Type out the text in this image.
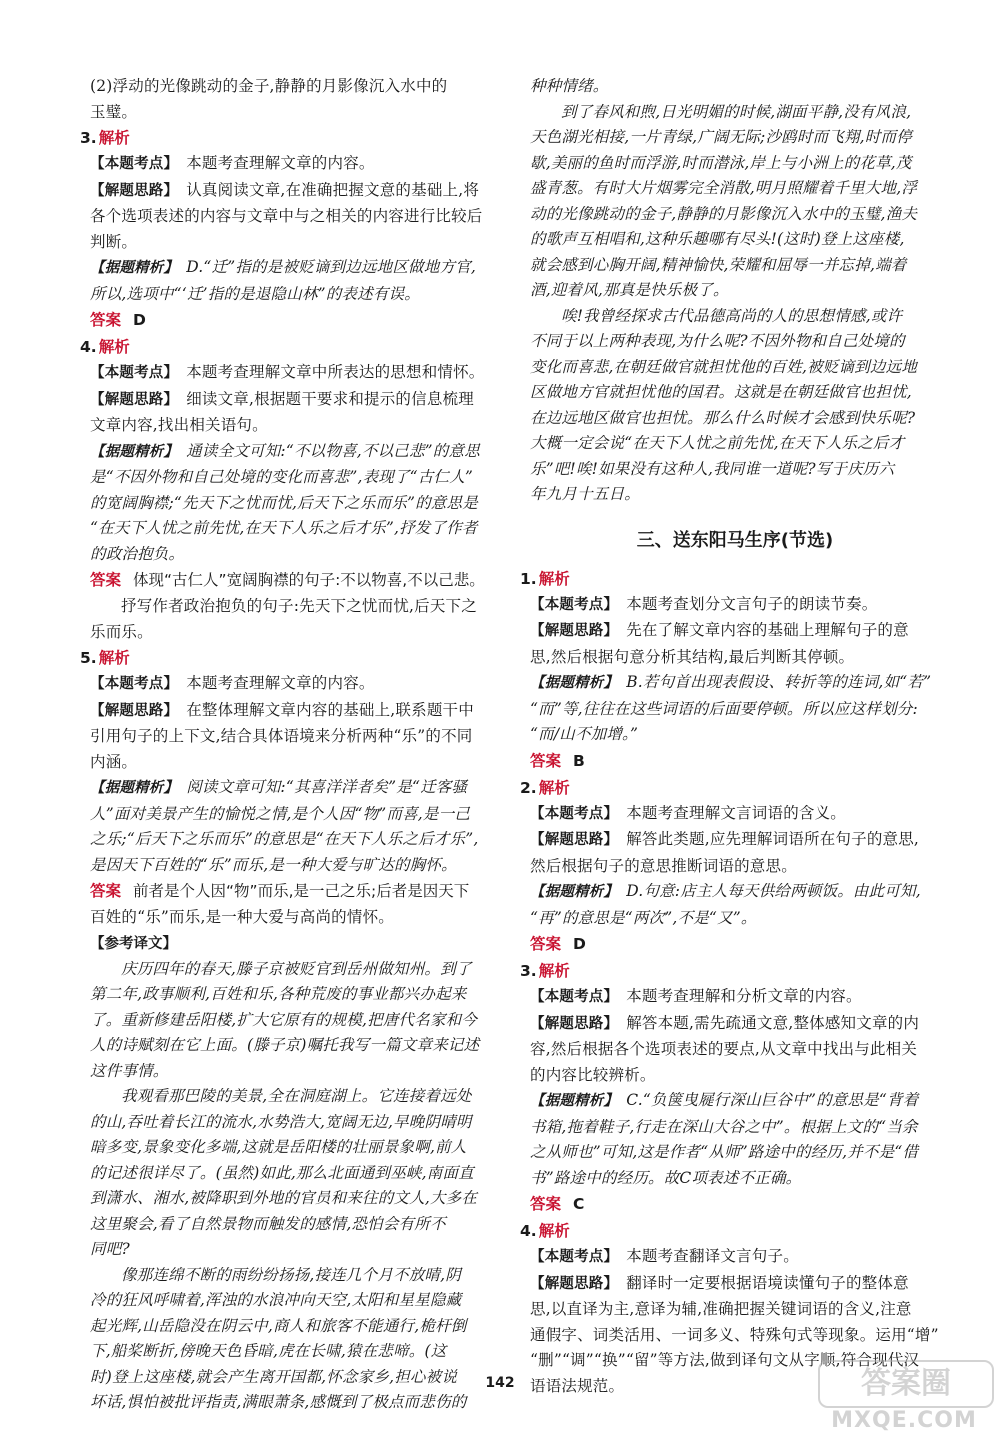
(2)浮动的光像跳动的金子,静静的月影像沉入水中的
玉璧。
3. 解析
【本题考点】 本题考查理解文章的内容。
【解题思路】 认真阅读文章,在准确把握文意的基础上,将
各个选项表述的内容与文章中与之相关的内容进行比较后
判断。
【据题精析】 D.“迁”指的是被贬谪到边远地区做地方官,
所以,选项中“‘迁’指的是退隐山林”的表述有误。
答案 D
4. 解析
【本题考点】 本题考查理解文章中所表达的思想和情怀。
【解题思路】 细读文章,根据题干要求和提示的信息梳理
文章内容,找出相关语句。
【据题精析】 通读全文可知:“不以物喜,不以己悲”的意思
是“不因外物和自己处境的变化而喜悲”,表现了“古仁人”
的宽阔胸襟;“先天下之忧而忧,后天下之乐而乐”的意思是
“在天下人忧之前先忧,在天下人乐之后才乐”,抒发了作者
的政治抱负。
答案 体现“古仁人”宽阔胸襟的句子:不以物喜,不以己悲。
抒写作者政治抱负的句子:先天下之忧而忧,后天下之
乐而乐。
5. 解析
【本题考点】 本题考查理解文章的内容。
【解题思路】 在整体理解文章内容的基础上,联系题干中
引用句子的上下文,结合具体语境来分析两种“乐”的不同
内涵。
【据题精析】 阅读文章可知:“其喜洋洋者矣”是“迁客骚
人”面对美景产生的愉悦之情,是个人因“物”而喜,是一己
之乐;“后天下之乐而乐”的意思是“在天下人乐之后才乐”,
是因天下百姓的“乐”而乐,是一种大爱与旷达的胸怀。
答案 前者是个人因“物”而乐,是一己之乐;后者是因天下
百姓的“乐”而乐,是一种大爱与高尚的情怀。
【参考译文】
庆历四年的春天,滕子京被贬官到岳州做知州。到了
第二年,政事顺利,百姓和乐,各种荒废的事业都兴办起来
了。重新修建岳阳楼,扩大它原有的规模,把唐代名家和今
人的诗赋刻在它上面。(滕子京)嘱托我写一篇文章来记述
这件事情。
我观看那巴陵的美景,全在洞庭湖上。它连接着远处
的山,吞吐着长江的流水,水势浩大,宽阔无边,早晚阴晴明
暗多变,景象变化多端,这就是岳阳楼的壮丽景象啊,前人
的记述很详尽了。(虽然)如此,那么北面通到巫峡,南面直
到潇水、湘水,被降职到外地的官员和来往的文人,大多在
这里聚会,看了自然景物而触发的感情,恐怕会有所不
同吧?
像那连绵不断的雨纷纷扬扬,接连几个月不放晴,阴
冷的狂风呼啸着,浑浊的水浪冲向天空,太阳和星星隐藏
起光辉,山岳隐没在阴云中,商人和旅客不能通行,桅杆倒
下,船桨断折,傍晚天色昏暗,虎在长啸,猿在悲啼。(这
时)登上这座楼,就会产生离开国都,怀念家乡,担心被说
坏话,惧怕被批评指责,满眼萧条,感慨到了极点而悲伤的
种种情绪。
到了春风和煦,日光明媚的时候,湖面平静,没有风浪,
天色湖光相接,一片青绿,广阔无际;沙鸥时而飞翔,时而停
歇,美丽的鱼时而浮游,时而潜泳,岸上与小洲上的花草,茂
盛青葱。有时大片烟雾完全消散,明月照耀着千里大地,浮
动的光像跳动的金子,静静的月影像沉入水中的玉璧,渔夫
的歌声互相唱和,这种乐趣哪有尽头!(这时)登上这座楼,
就会感到心胸开阔,精神愉快,荣耀和屈辱一并忘掉,端着
酒,迎着风,那真是快乐极了。
唉!我曾经探求古代品德高尚的人的思想情感,或许
不同于以上两种表现,为什么呢?不因外物和自己处境的
变化而喜悲,在朝廷做官就担忧他的百姓,被贬谪到边远地
区做地方官就担忧他的国君。这就是在朝廷做官也担忧,
在边远地区做官也担忧。那么什么时候才会感到快乐呢?
大概一定会说“在天下人忧之前先忧,在天下人乐之后才
乐”吧!唉!如果没有这种人,我同谁一道呢?写于庆历六
年九月十五日。
三、送东阳马生序(节选)
1. 解析
【本题考点】 本题考查划分文言句子的朗读节奏。
【解题思路】 先在了解文章内容的基础上理解句子的意
思,然后根据句意分析其结构,最后判断其停顿。
【据题精析】 B.若句首出现表假设、转折等的连词,如“若”
“而”等,往往在这些词语的后面要停顿。所以应这样划分:
“而/山不加增。”
答案 B
2. 解析
【本题考点】 本题考查理解文言词语的含义。
【解题思路】 解答此类题,应先理解词语所在句子的意思,
然后根据句子的意思推断词语的意思。
【据题精析】 D.句意:店主人每天供给两顿饭。由此可知,
“再”的意思是“两次”,不是“又”。
答案 D
3. 解析
【本题考点】 本题考查理解和分析文章的内容。
【解题思路】 解答本题,需先疏通文意,整体感知文章的内
容,然后根据各个选项表述的要点,从文章中找出与此相关
的内容比较辨析。
【据题精析】 C.“负箧曳屣行深山巨谷中”的意思是“背着
书箱,拖着鞋子,行走在深山大谷之中”。根据上文的“当余
之从师也”可知,这是作者“从师”路途中的经历,并不是“借
书”路途中的经历。故C项表述不正确。
答案 C
4. 解析
【本题考点】 本题考查翻译文言句子。
【解题思路】 翻译时一定要根据语境读懂句子的整体意
思,以直译为主,意译为辅,准确把握关键词语的含义,注意
通假字、词类活用、一词多义、特殊句式等现象。运用“增”
“删”“调”“换”“留”等方法,做到译句文从字顺,符合现代汉
语语法规范。
142	答案圈
MXQE.COM
